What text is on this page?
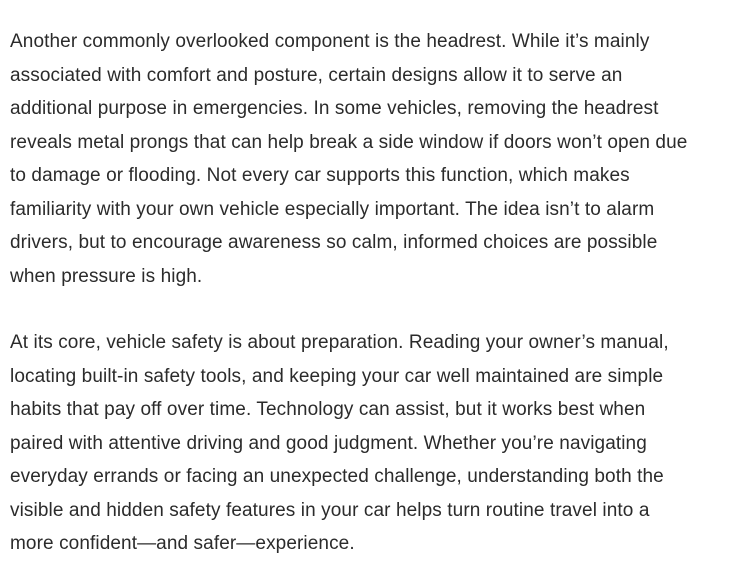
Another commonly overlooked component is the headrest. While it’s mainly
associated with comfort and posture, certain designs allow it to serve an
additional purpose in emergencies. In some vehicles, removing the headrest
reveals metal prongs that can help break a side window if doors won’t open due
to damage or flooding. Not every car supports this function, which makes
familiarity with your own vehicle especially important. The idea isn’t to alarm
drivers, but to encourage awareness so calm, informed choices are possible
when pressure is high.

At its core, vehicle safety is about preparation. Reading your owner’s manual,
locating built-in safety tools, and keeping your car well maintained are simple
habits that pay off over time. Technology can assist, but it works best when
paired with attentive driving and good judgment. Whether you’re navigating
everyday errands or facing an unexpected challenge, understanding both the
visible and hidden safety features in your car helps turn routine travel into a
more confident—and safer—experience.
